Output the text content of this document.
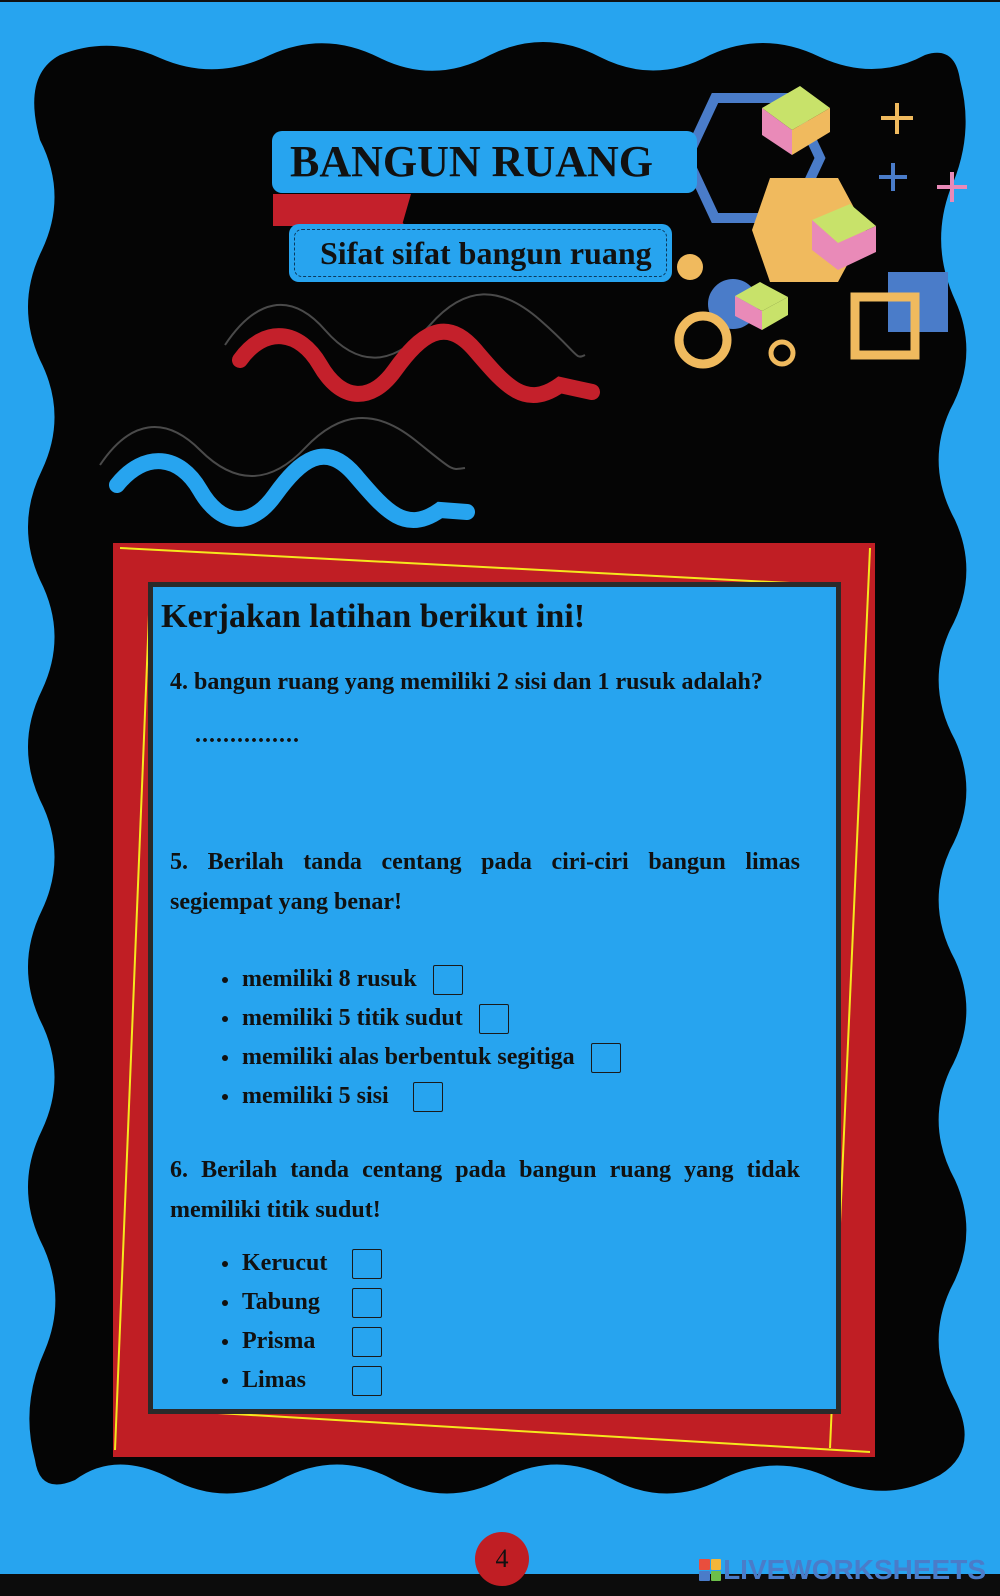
BANGUN RUANG
Sifat sifat bangun ruang
Kerjakan latihan berikut ini!
4. bangun ruang yang memiliki 2 sisi dan 1 rusuk adalah?
...............
5. Berilah tanda centang pada ciri-ciri bangun limas segiempat yang benar!
memiliki 8 rusuk
memiliki 5 titik sudut
memiliki alas berbentuk segitiga
memiliki 5 sisi
6. Berilah tanda centang pada bangun ruang yang tidak memiliki titik sudut!
Kerucut
Tabung
Prisma
Limas
4	LIVEWORKSHEETS
